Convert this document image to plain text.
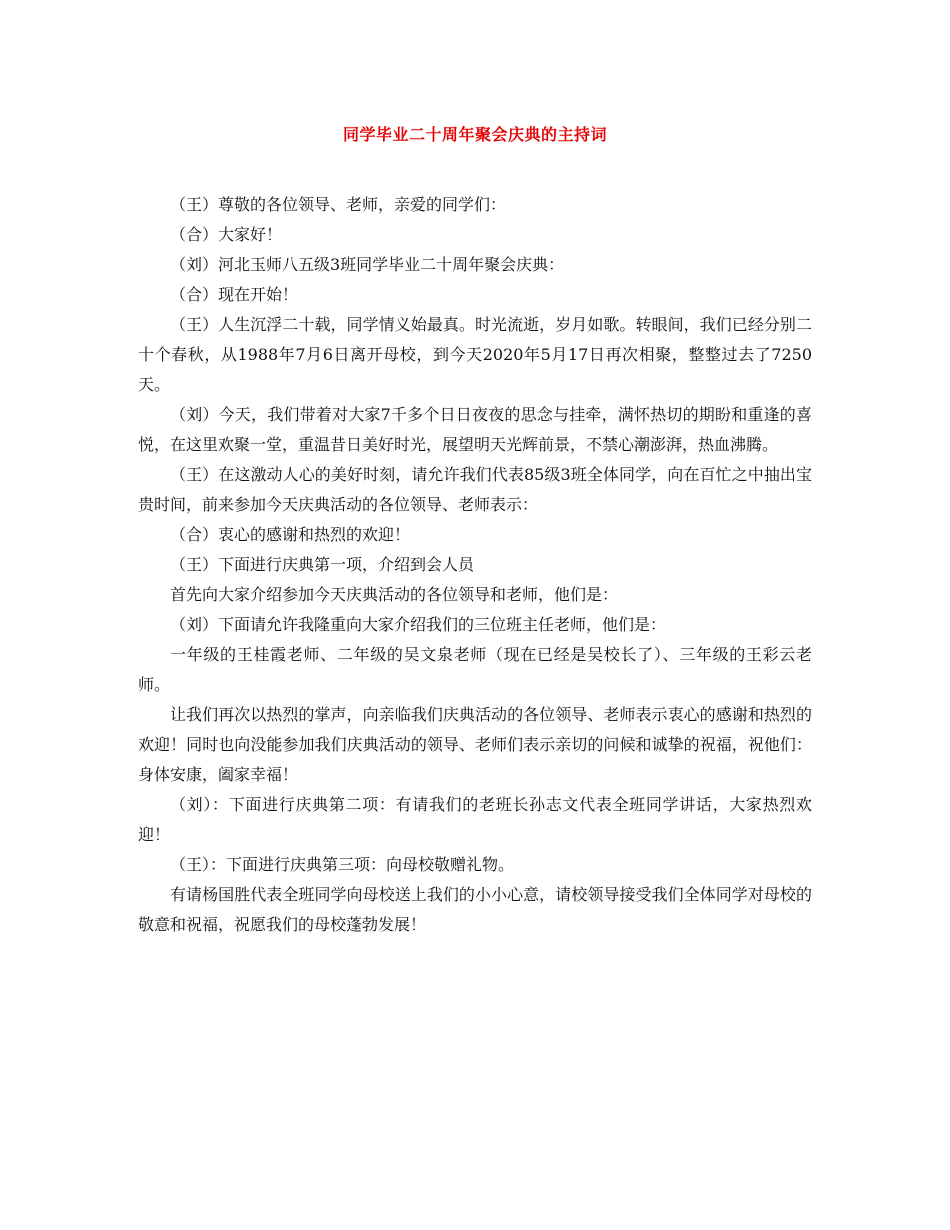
同学毕业二十周年聚会庆典的主持词

（王）尊敬的各位领导、老师，亲爱的同学们：

（合）大家好！

（刘）河北玉师八五级3班同学毕业二十周年聚会庆典：

（合）现在开始！

（王）人生沉浮二十载，同学情义始最真。时光流逝，岁月如歌。转眼间，我们已经分别二十个春秋，从1988年7月6日离开母校，到今天2020年5月17日再次相聚，整整过去了7250天。

（刘）今天，我们带着对大家7千多个日日夜夜的思念与挂牵，满怀热切的期盼和重逢的喜悦，在这里欢聚一堂，重温昔日美好时光，展望明天光辉前景，不禁心潮澎湃，热血沸腾。

（王）在这激动人心的美好时刻，请允许我们代表85级3班全体同学，向在百忙之中抽出宝贵时间，前来参加今天庆典活动的各位领导、老师表示：

（合）衷心的感谢和热烈的欢迎！

（王）下面进行庆典第一项，介绍到会人员

首先向大家介绍参加今天庆典活动的各位领导和老师，他们是：

（刘）下面请允许我隆重向大家介绍我们的三位班主任老师，他们是：

一年级的王桂霞老师、二年级的吴文泉老师（现在已经是吴校长了）、三年级的王彩云老师。

让我们再次以热烈的掌声，向亲临我们庆典活动的各位领导、老师表示衷心的感谢和热烈的欢迎！同时也向没能参加我们庆典活动的领导、老师们表示亲切的问候和诚挚的祝福，祝他们：身体安康，阖家幸福！

（刘）：下面进行庆典第二项：有请我们的老班长孙志文代表全班同学讲话，大家热烈欢迎！

（王）：下面进行庆典第三项：向母校敬赠礼物。

有请杨国胜代表全班同学向母校送上我们的小小心意，请校领导接受我们全体同学对母校的敬意和祝福，祝愿我们的母校蓬勃发展！
